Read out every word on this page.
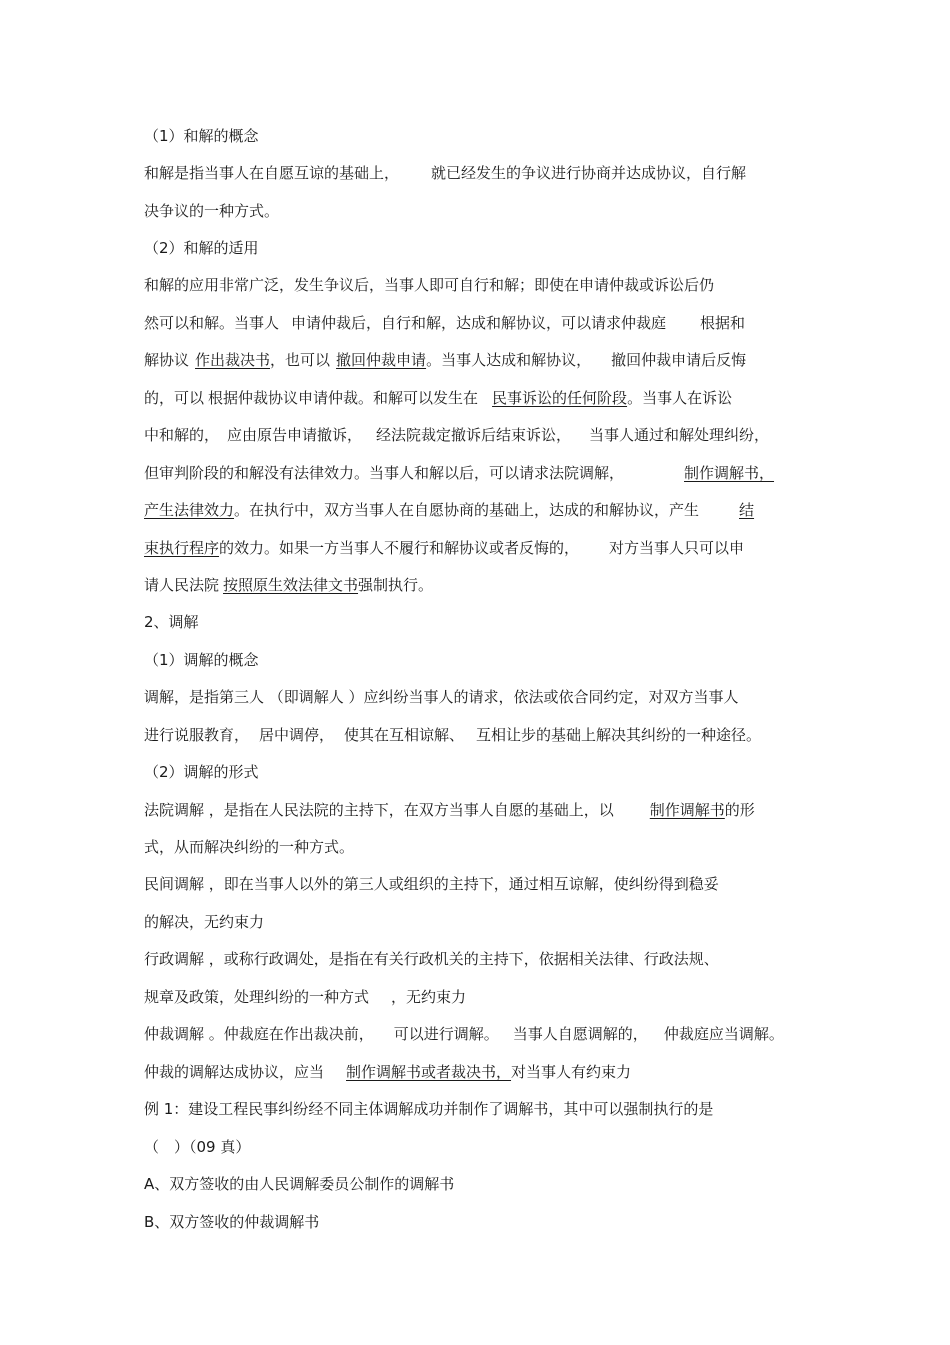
（1）和解的概念
和解是指当事人在自愿互谅的基础上， 就已经发生的争议进行协商并达成协议，自行解
决争议的一种方式。
（2）和解的适用
和解的应用非常广泛，发生争议后，当事人即可自行和解；即使在申请仲裁或诉讼后仍
然可以和解。当事人 申请仲裁后，自行和解，达成和解协议，可以请求仲裁庭 根据和
解协议 作出裁决书，也可以 撤回仲裁申请。当事人达成和解协议， 撤回仲裁申请后反悔
的，可以 根据仲裁协议申请仲裁。和解可以发生在 民事诉讼的任何阶段。当事人在诉讼
中和解的， 应由原告申请撤诉， 经法院裁定撤诉后结束诉讼， 当事人通过和解处理纠纷，
但审判阶段的和解没有法律效力。当事人和解以后，可以请求法院调解，	制作调解书，
产生法律效力。在执行中，双方当事人在自愿协商的基础上，达成的和解协议，产生	结
束执行程序的效力。如果一方当事人不履行和解协议或者反悔的， 对方当事人只可以申
请人民法院 按照原生效法律文书强制执行。
2、调解
（1）调解的概念
调解，是指第三人 （即调解人 ）应纠纷当事人的请求，依法或依合同约定，对双方当事人
进行说服教育， 居中调停， 使其在互相谅解、 互相让步的基础上解决其纠纷的一种途径。
（2）调解的形式
法院调解 ，是指在人民法院的主持下，在双方当事人自愿的基础上，以 制作调解书的形
式，从而解决纠纷的一种方式。
民间调解 ，即在当事人以外的第三人或组织的主持下，通过相互谅解，使纠纷得到稳妥
的解决，无约束力
行政调解 ，或称行政调处，是指在有关行政机关的主持下，依据相关法律、行政法规、
规章及政策，处理纠纷的一种方式 ，无约束力
仲裁调解 。仲裁庭在作出裁决前， 可以进行调解。 当事人自愿调解的， 仲裁庭应当调解。
仲裁的调解达成协议，应当 制作调解书或者裁决书，对当事人有约束力
例 1：建设工程民事纠纷经不同主体调解成功并制作了调解书，其中可以强制执行的是
（　）（09 真）
A、双方签收的由人民调解委员公制作的调解书
B、双方签收的仲裁调解书
